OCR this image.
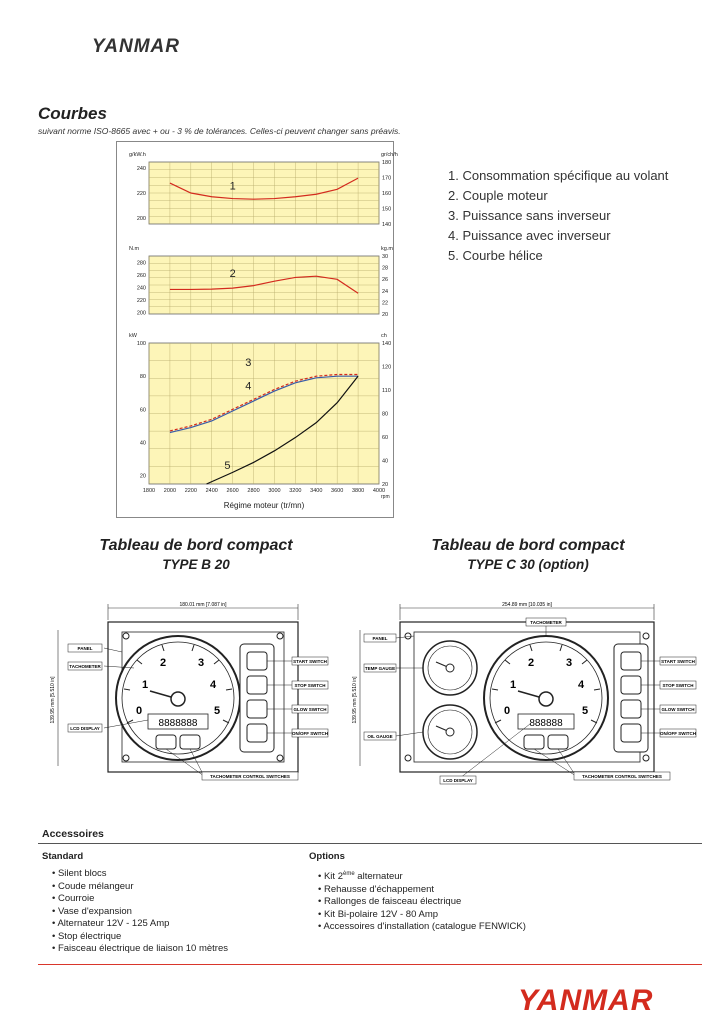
YANMAR
Courbes
suivant norme ISO-8665 avec + ou - 3 % de tolérances. Celles-ci peuvent changer sans préavis.
200
220
240
180
170
160
150
140
g/kW.h	gr/ch/h
200
220
240
260
280
30
28
26
24
22
20
N.m	kg.m
20
40
60
80
100	140
120
110
80
60
40
20
kW	ch
1800 2000 2200 2400 2600 2800 3000 3200 3400 3600 3800 4000
rpm
Régime moteur (tr/mn)
1
2
3
4
5
1. Consommation spécifique au volant
2. Couple moteur
3. Puissance sans inverseur
4. Puissance avec inverseur
5. Courbe hélice
Tableau de bord compact
TYPE B 20
Tableau de bord compact
TYPE C 30 (option)
180.01 mm [7.087 in]
139.95 mm [5.510 in]	1
2	3
4
5
0
8888888
PANEL
TACHOMETER
LCD DISPLAY
START SWITCH
STOP SWITCH
GLOW SWITCH
ON/OFF SWITCH
TACHOMETER CONTROL SWITCHES
254.89 mm [10.035 in]
139.95 mm [5.510 in]	1
2	3
4
5
0
888888
TACHOMETER
PANEL
TEMP GAUGE
OIL GAUGE
LCD DISPLAY
TACHOMETER CONTROL SWITCHES
START SWITCH
STOP SWITCH
GLOW SWITCH
ON/OFF SWITCH
Accessoires
Standard
• Silent blocs
• Coude mélangeur
• Courroie
• Vase d'expansion
• Alternateur 12V - 125 Amp
• Stop électrique
• Faisceau électrique de liaison 10 mètres
Options
• Kit 2ème alternateur
• Rehausse d'échappement
• Rallonges de faisceau électrique
• Kit Bi-polaire 12V - 80 Amp
• Accessoires d'installation (catalogue FENWICK)
YANMAR
